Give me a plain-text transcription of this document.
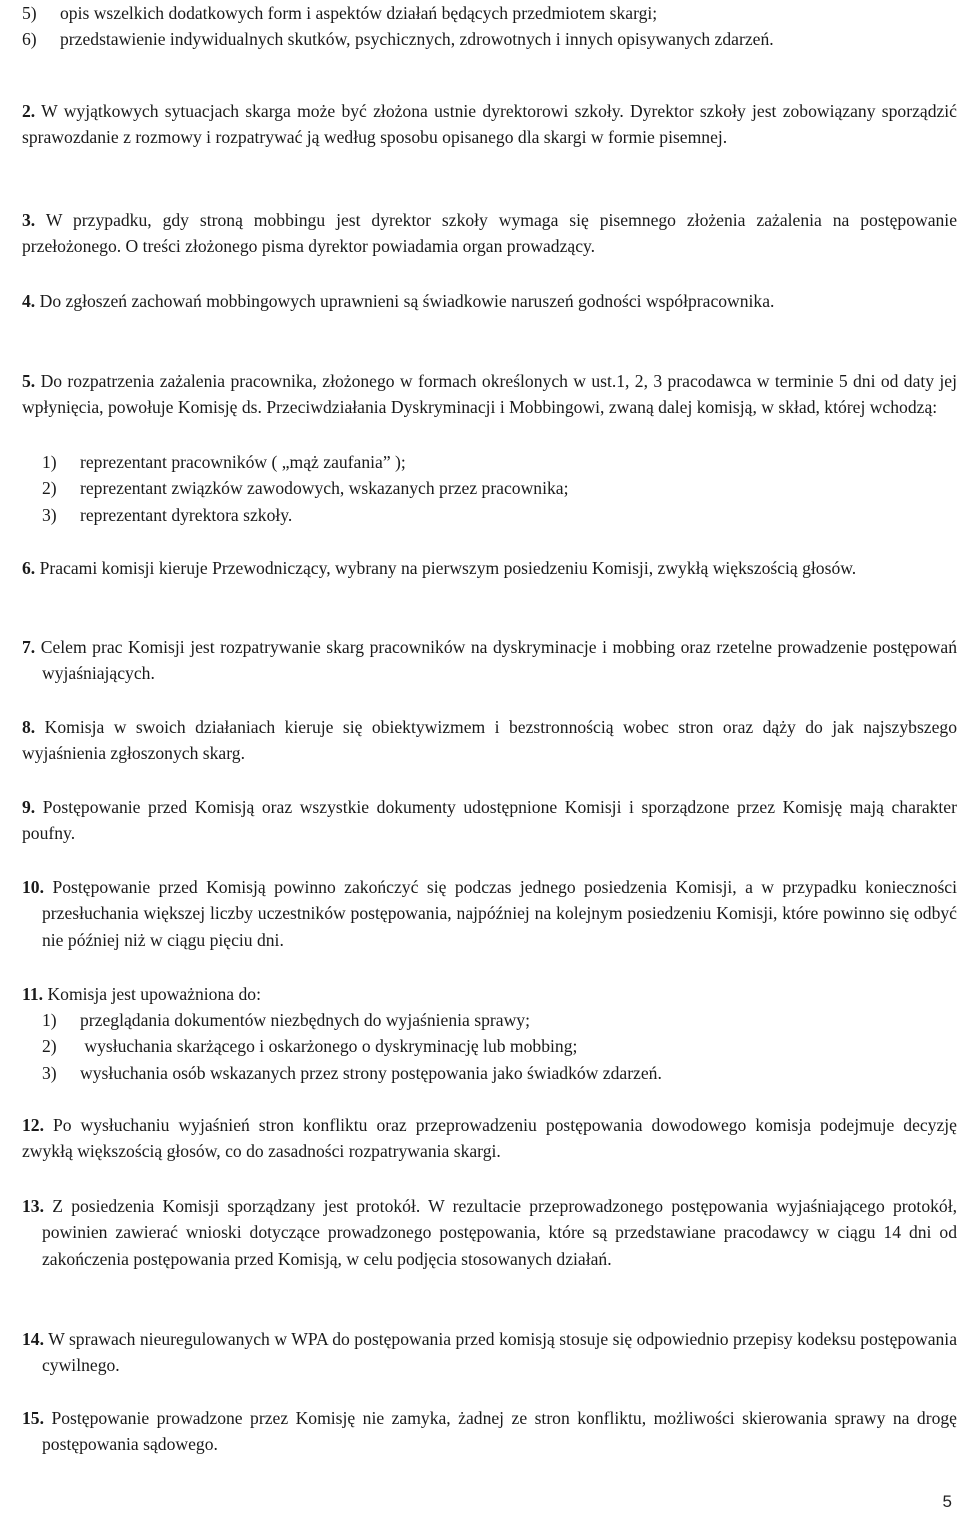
5) opis wszelkich dodatkowych form i aspektów działań będących przedmiotem skargi;

6) przedstawienie indywidualnych skutków, psychicznych, zdrowotnych i innych opisywanych zdarzeń.

2. W wyjątkowych sytuacjach skarga może być złożona ustnie dyrektorowi szkoły. Dyrektor szkoły jest zobowiązany sporządzić sprawozdanie z rozmowy i rozpatrywać ją według sposobu opisanego dla skargi w formie pisemnej.

3. W przypadku, gdy stroną mobbingu jest dyrektor szkoły wymaga się pisemnego złożenia zażalenia na postępowanie przełożonego. O treści złożonego pisma dyrektor powiadamia organ prowadzący.

4. Do zgłoszeń zachowań mobbingowych uprawnieni są świadkowie naruszeń godności współpracownika.

5. Do rozpatrzenia zażalenia pracownika, złożonego w formach określonych w ust.1, 2, 3 pracodawca w terminie 5 dni od daty jej wpłynięcia, powołuje Komisję ds. Przeciwdziałania Dyskryminacji i Mobbingowi, zwaną dalej komisją, w skład, której wchodzą:

1) reprezentant pracowników ( „mąż zaufania” );

2) reprezentant związków zawodowych, wskazanych przez pracownika;

3) reprezentant dyrektora szkoły.

6. Pracami komisji kieruje Przewodniczący, wybrany na pierwszym posiedzeniu Komisji, zwykłą większością głosów.

7. Celem prac Komisji jest rozpatrywanie skarg pracowników na dyskryminacje i mobbing oraz rzetelne prowadzenie postępowań wyjaśniających.

8. Komisja w swoich działaniach kieruje się obiektywizmem i bezstronnością wobec stron oraz dąży do jak najszybszego wyjaśnienia zgłoszonych skarg.

9. Postępowanie przed Komisją oraz wszystkie dokumenty udostępnione Komisji i sporządzone przez Komisję mają charakter poufny.

10. Postępowanie przed Komisją powinno zakończyć się podczas jednego posiedzenia Komisji, a w przypadku konieczności przesłuchania większej liczby uczestników postępowania, najpóźniej na kolejnym posiedzeniu Komisji, które powinno się odbyć nie później niż w ciągu pięciu dni.

11. Komisja jest upoważniona do:

1) przeglądania dokumentów niezbędnych do wyjaśnienia sprawy;

2) wysłuchania skarżącego i oskarżonego o dyskryminację lub mobbing;

3) wysłuchania osób wskazanych przez strony postępowania jako świadków zdarzeń.

12. Po wysłuchaniu wyjaśnień stron konfliktu oraz przeprowadzeniu postępowania dowodowego komisja podejmuje decyzję zwykłą większością głosów, co do zasadności rozpatrywania skargi.

13. Z posiedzenia Komisji sporządzany jest protokół. W rezultacie przeprowadzonego postępowania wyjaśniającego protokół, powinien zawierać wnioski dotyczące prowadzonego postępowania, które są przedstawiane pracodawcy w ciągu 14 dni od zakończenia postępowania przed Komisją, w celu podjęcia stosowanych działań.

14. W sprawach nieuregulowanych w WPA do postępowania przed komisją stosuje się odpowiednio przepisy kodeksu postępowania cywilnego.

15. Postępowanie prowadzone przez Komisję nie zamyka, żadnej ze stron konfliktu, możliwości skierowania sprawy na drogę postępowania sądowego.

5
